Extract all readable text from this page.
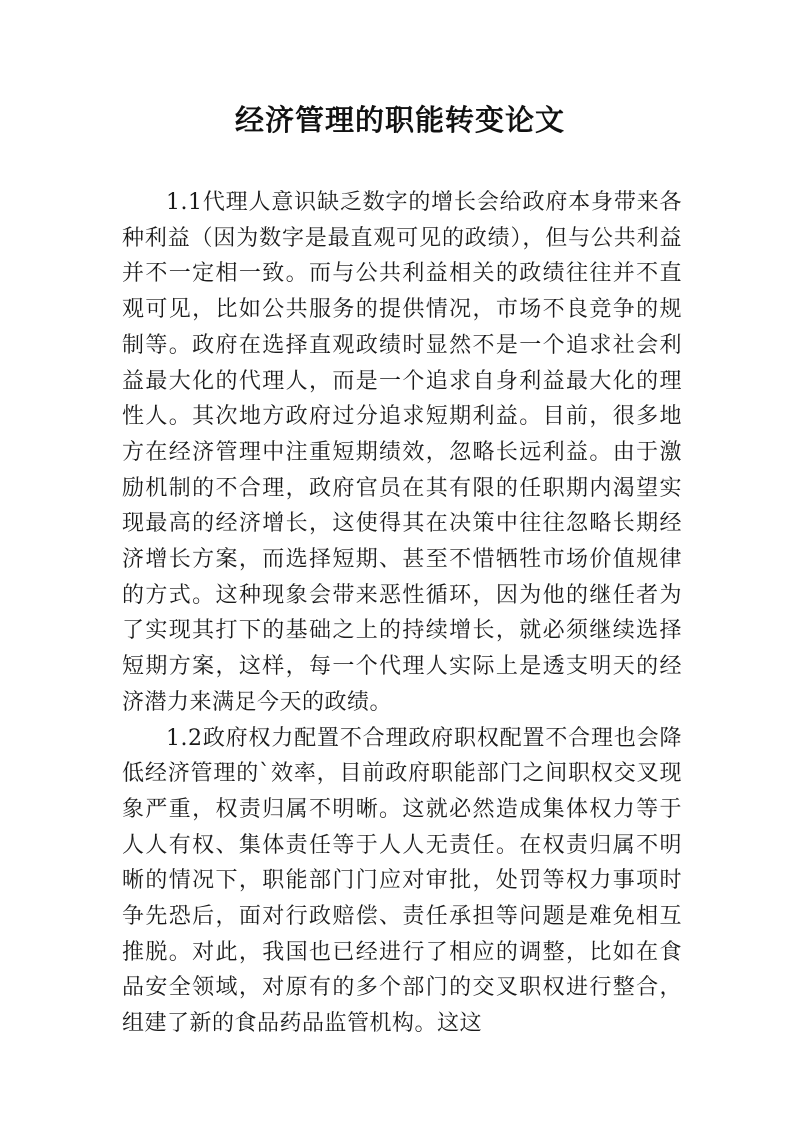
经济管理的职能转变论文

1.1代理人意识缺乏数字的增长会给政府本身带来各种利益（因为数字是最直观可见的政绩），但与公共利益并不一定相一致。而与公共利益相关的政绩往往并不直观可见，比如公共服务的提供情况，市场不良竞争的规制等。政府在选择直观政绩时显然不是一个追求社会利益最大化的代理人，而是一个追求自身利益最大化的理性人。其次地方政府过分追求短期利益。目前，很多地方在经济管理中注重短期绩效，忽略长远利益。由于激励机制的不合理，政府官员在其有限的任职期内渴望实现最高的经济增长，这使得其在决策中往往忽略长期经济增长方案，而选择短期、甚至不惜牺牲市场价值规律的方式。这种现象会带来恶性循环，因为他的继任者为了实现其打下的基础之上的持续增长，就必须继续选择短期方案，这样，每一个代理人实际上是透支明天的经济潜力来满足今天的政绩。

1.2政府权力配置不合理政府职权配置不合理也会降低经济管理的`效率，目前政府职能部门之间职权交叉现象严重，权责归属不明晰。这就必然造成集体权力等于人人有权、集体责任等于人人无责任。在权责归属不明晰的情况下，职能部门门应对审批，处罚等权力事项时争先恐后，面对行政赔偿、责任承担等问题是难免相互推脱。对此，我国也已经进行了相应的调整，比如在食品安全领域，对原有的多个部门的交叉职权进行整合，组建了新的食品药品监管机构。这这
